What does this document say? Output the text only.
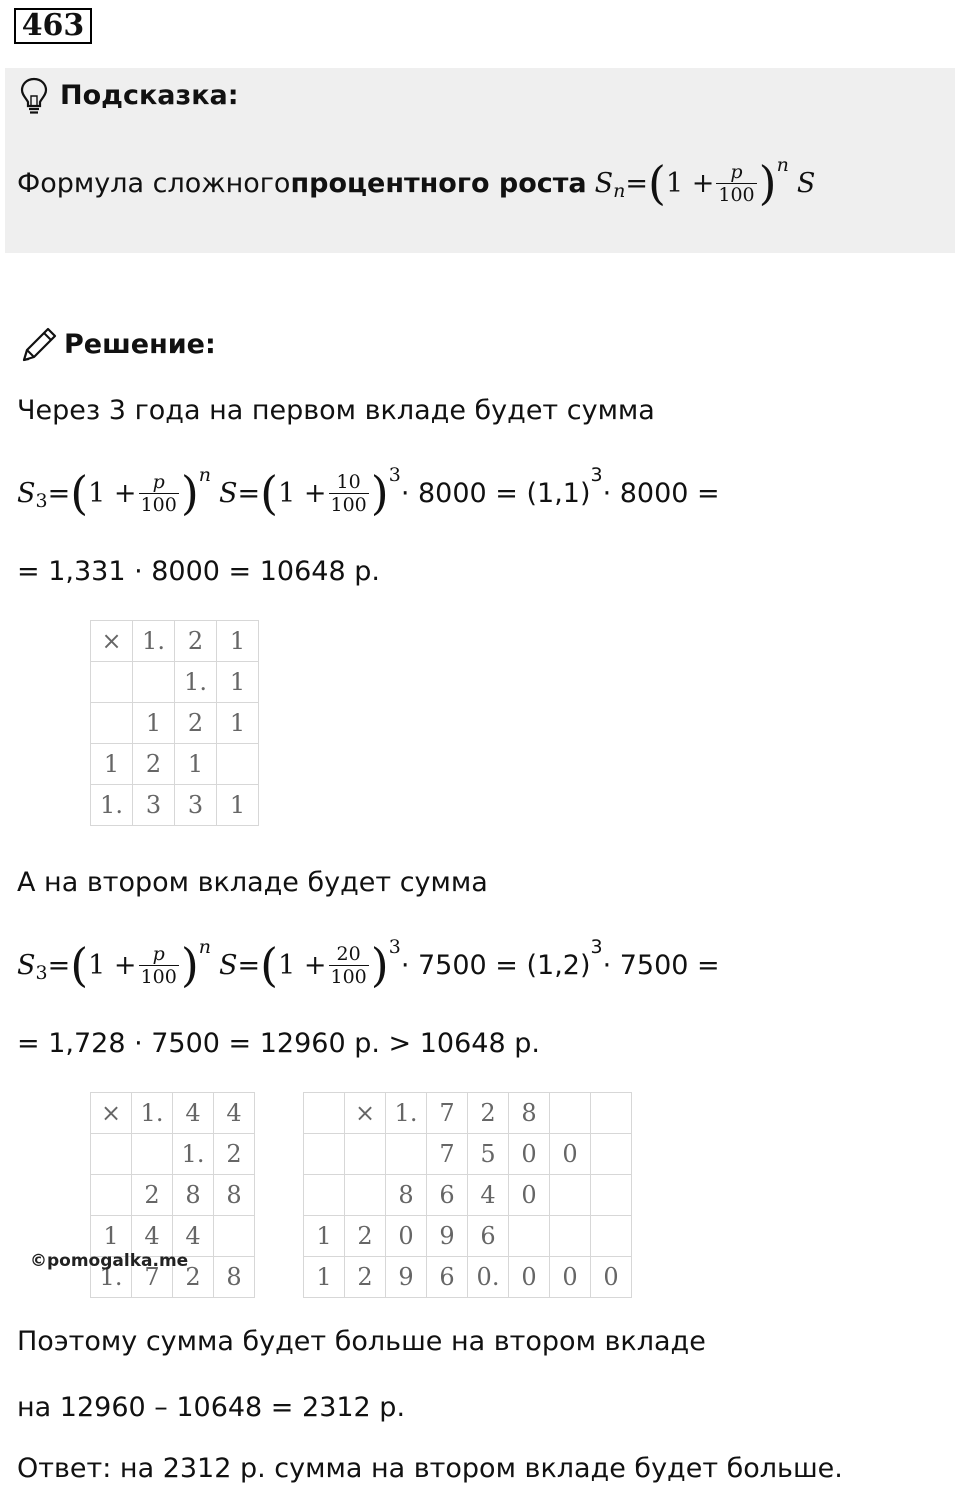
463
Подсказка:
Формула сложного процентного роста S n = ( $1 + \frac{p}{100}$ ) n
S
Решение:
Через 3 года на первом вкладе будет сумма
S 3 = ( $1 + \frac{p}{100}$ ) n
S = ( $1 + \frac{10}{100}$ ) 3
· 8000 = (1,1)
3
· 8000 =
= 1,331 · 8000 = 10648 р.
×	1.	2	1
		1.	1
	1	2	1
1	2	1	
1.	3	3	1
А на втором вкладе будет сумма
S 3 = ( $1 + \frac{p}{100}$ ) n
S = ( $1 + \frac{20}{100}$ ) 3
· 7500 = (1,2)
3
· 7500 =
= 1,728 · 7500 = 12960 р. > 10648 р.
×	1.	4	4
		1.	2
	2	8	8
1	4	4	
1.	7	2	8
	×	1.	7	2	8		
			7	5	0	0	
		8	6	4	0		
1	2	0	9	6			
1	2	9	6	0.	0	0	0
©pomogalka.me
Поэтому сумма будет больше на втором вкладе
на 12960 – 10648 = 2312 р.
Ответ: на 2312 р. сумма на втором вкладе будет больше.
